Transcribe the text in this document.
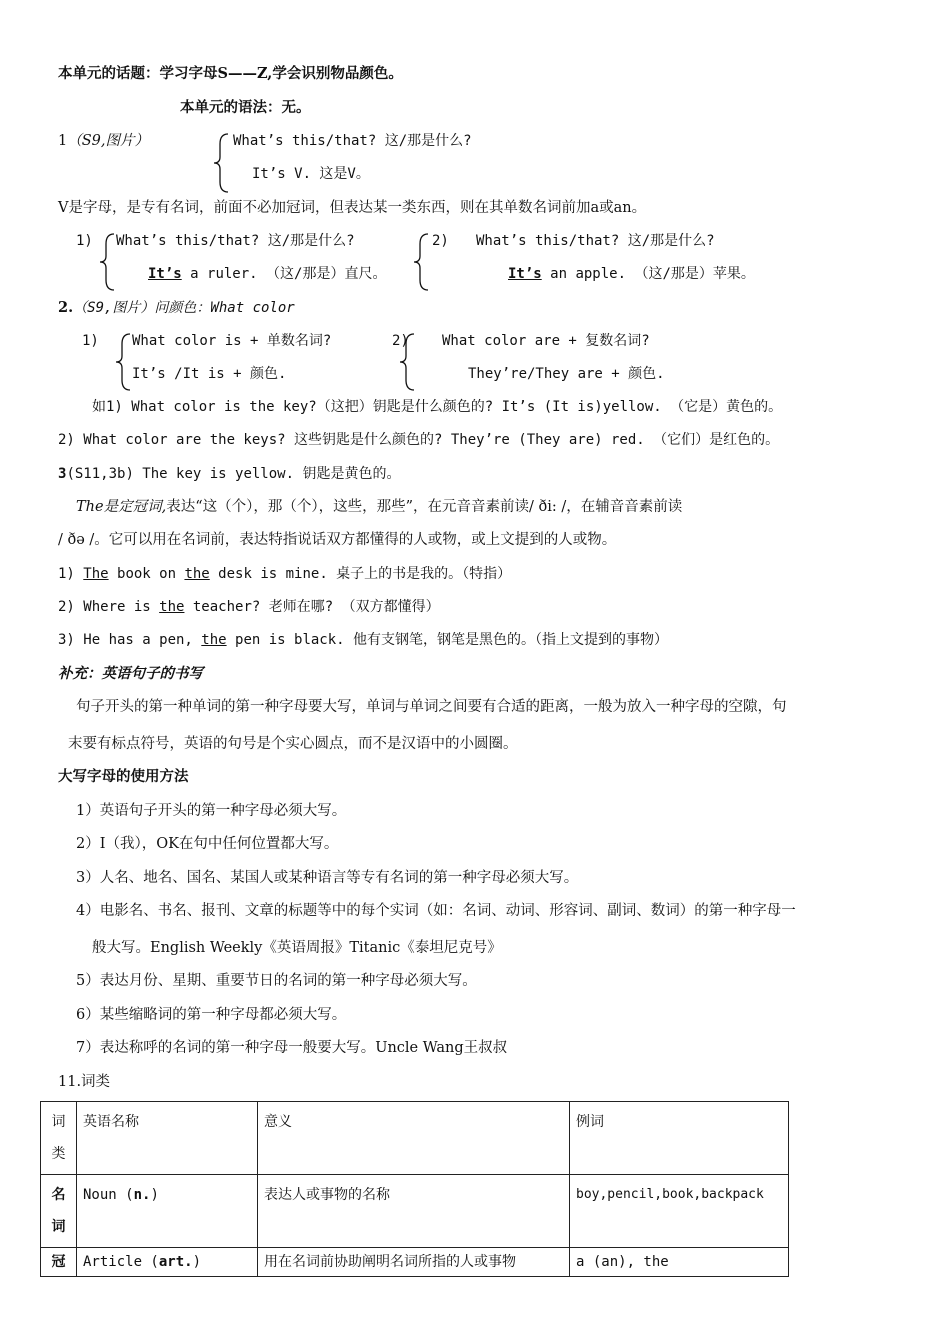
本单元的话题：学习字母S——Z,学会识别物品颜色。
本单元的语法：无。
1（S9,图片）	What’s this/that? 这/那是什么?
It’s V. 这是V。
V是字母，是专有名词，前面不必加冠词，但表达某一类东西，则在其单数名词前加a或an。
1) What’s this/that? 这/那是什么?
It’s a ruler. （这/那是）直尺。
2) What’s this/that? 这/那是什么?
It’s an apple. （这/那是）苹果。
2.（S9,图片）问颜色：What color
1) What color is + 单数名词?
It’s /It is + 颜色.
2) What color are + 复数名词?
They’re/They are + 颜色.
如1) What color is the key?（这把）钥匙是什么颜色的? It’s (It is)yellow. （它是）黄色的。
2) What color are the keys? 这些钥匙是什么颜色的? They’re (They are) red. （它们）是红色的。
3(S11,3b) The key is yellow. 钥匙是黄色的。
The是定冠词,表达“这（个），那（个），这些，那些”，在元音音素前读/ ði: /，在辅音音素前读
/ ðə /。它可以用在名词前，表达特指说话双方都懂得的人或物，或上文提到的人或物。
1) The book on the desk is mine. 桌子上的书是我的。（特指）
2) Where is the teacher? 老师在哪? （双方都懂得）
3) He has a pen, the pen is black. 他有支钢笔，钢笔是黑色的。（指上文提到的事物）
补充：英语句子的书写
句子开头的第一种单词的第一种字母要大写，单词与单词之间要有合适的距离，一般为放入一种字母的空隙，句
末要有标点符号，英语的句号是个实心圆点，而不是汉语中的小圆圈。
大写字母的使用方法
1）英语句子开头的第一种字母必须大写。
2）I（我），OK在句中任何位置都大写。
3）人名、地名、国名、某国人或某种语言等专有名词的第一种字母必须大写。
4）电影名、书名、报刊、文章的标题等中的每个实词（如：名词、动词、形容词、副词、数词）的第一种字母一
般大写。English Weekly《英语周报》Titanic《泰坦尼克号》
5）表达月份、星期、重要节日的名词的第一种字母必须大写。
6）某些缩略词的第一种字母都必须大写。
7）表达称呼的名词的第一种字母一般要大写。Uncle Wang王叔叔
11.词类
词类	英语名称	意义	例词
名词	Noun (n.)	表达人或事物的名称	boy,pencil,book,backpack
冠	Article (art.)	用在名词前协助阐明名词所指的人或事物	a (an), the
